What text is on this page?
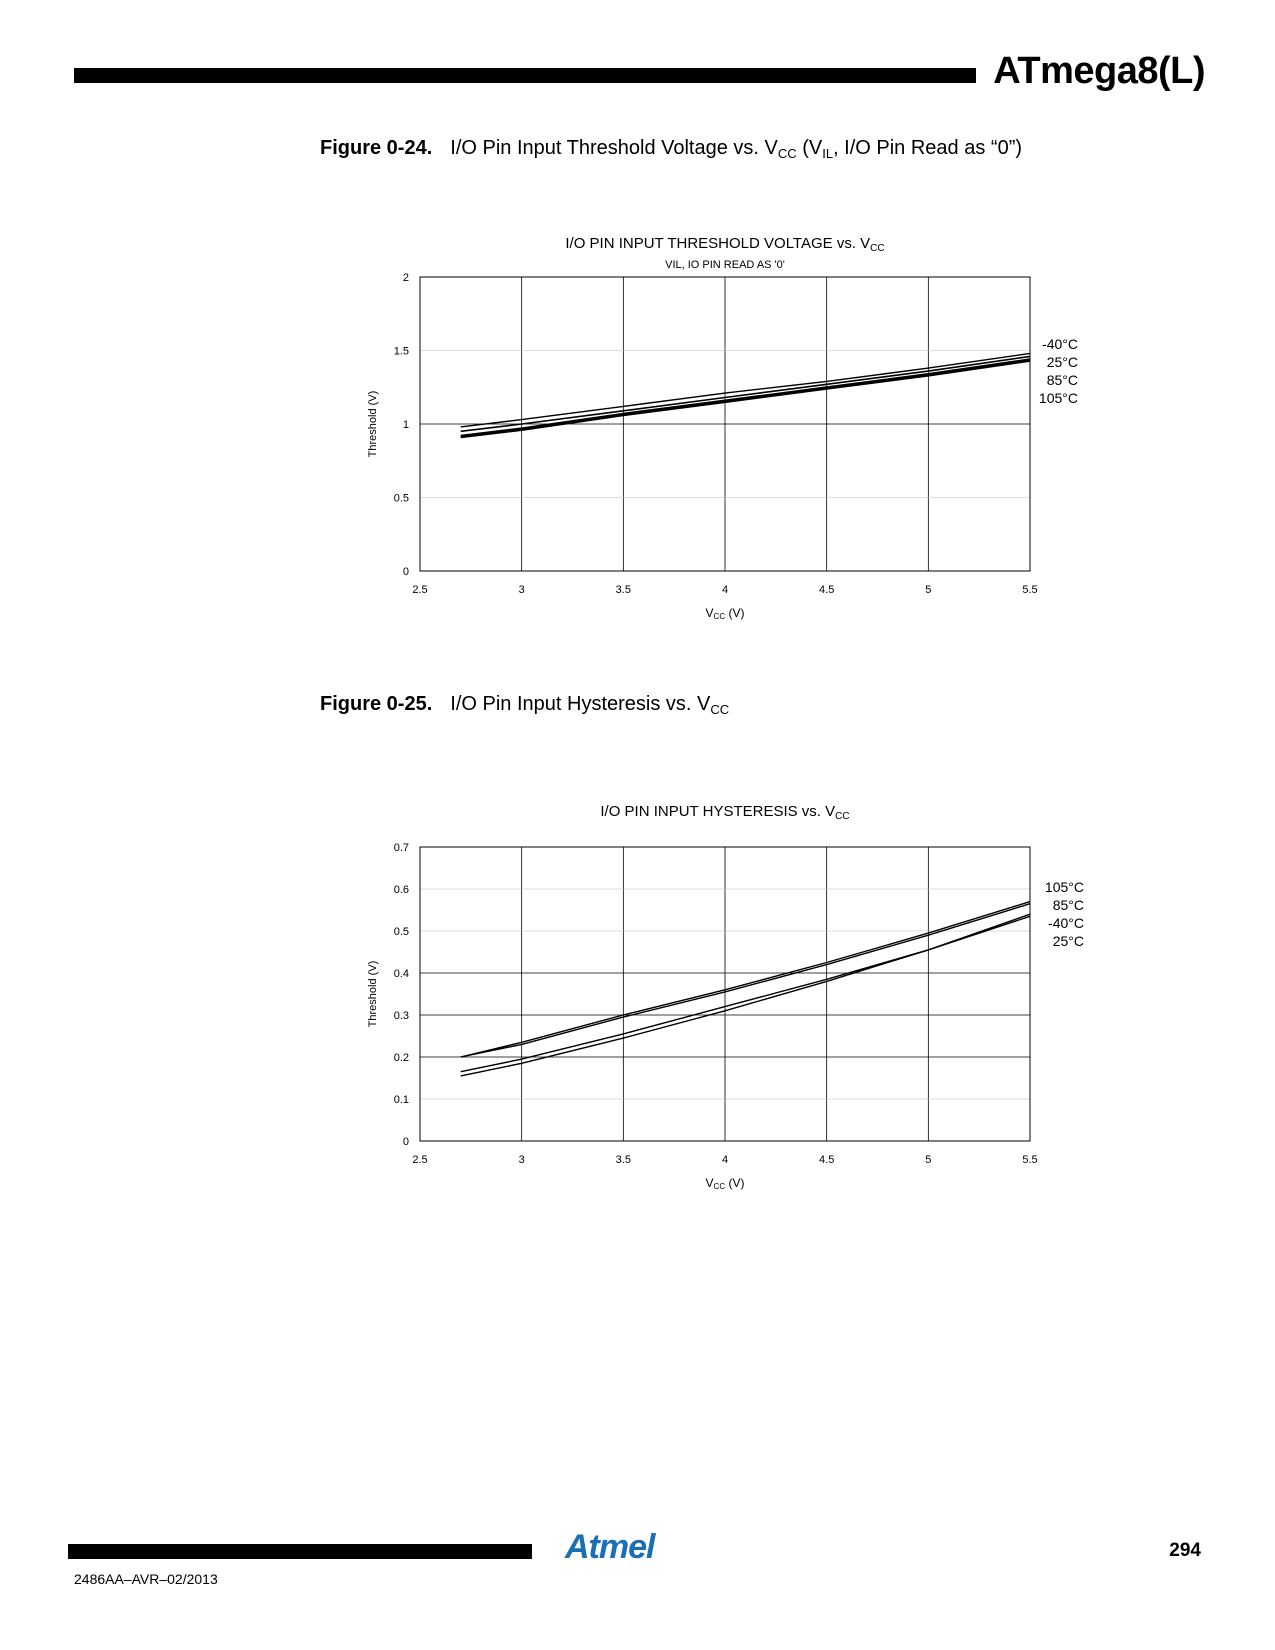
ATmega8(L)
Figure 0-24. I/O Pin Input Threshold Voltage vs. $V_{CC}$ ($V_{IL}$, I/O Pin Read as “0”)
I/O PIN INPUT THRESHOLD VOLTAGE vs. $V_{CC}$
VIL, IO PIN READ AS '0'
2.5	3	3.5	4	4.5	5	5.5
0
0.5
1
1.5
2
VCC (V)
Threshold (V)
-40°C
25°C
85°C
105°C
Figure 0-25. I/O Pin Input Hysteresis vs. $V_{CC}$
I/O PIN INPUT HYSTERESIS vs. $V_{CC}$
2.5	3	3.5	4	4.5	5	5.5
0
0.1
0.2
0.3
0.4
0.5
0.6
0.7
VCC (V)
Threshold (V)
105°C
85°C
-40°C
25°C
Atmel	294
2486AA–AVR–02/2013
